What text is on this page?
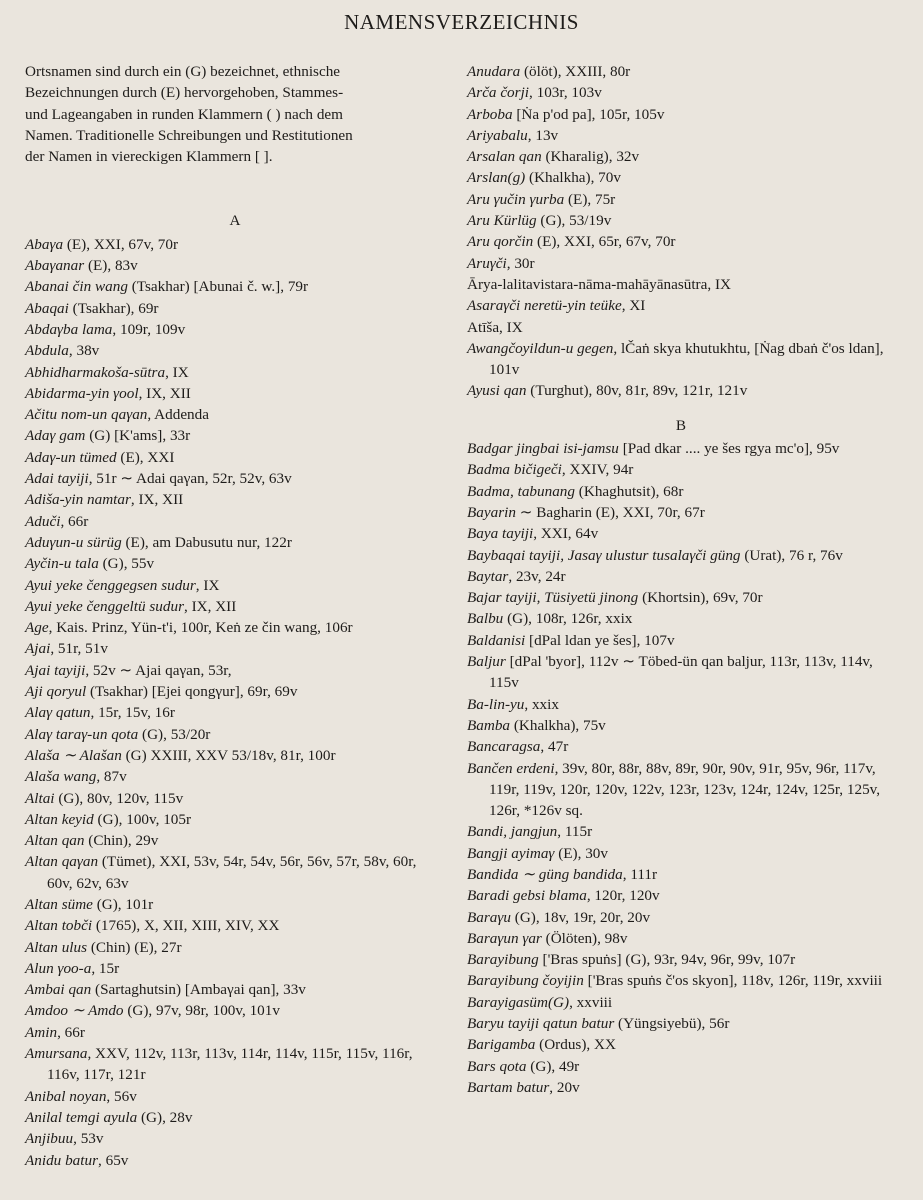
NAMENSVERZEICHNIS
Ortsnamen sind durch ein (G) bezeichnet, ethnische
Bezeichnungen durch (E) hervorgehoben, Stammes-
und Lageangaben in runden Klammern ( ) nach dem
Namen. Traditionelle Schreibungen und Restitutionen
der Namen in viereckigen Klammern [ ].
A
Abaγa (E), XXI, 67v, 70r
Abaγanar (E), 83v
Abanai čin wang (Tsakhar) [Abunai č. w.], 79r
Abaqai (Tsakhar), 69r
Abdaγba lama, 109r, 109v
Abdula, 38v
Abhidharmakoša-sūtra, IX
Abidarma-yin γool, IX, XII
Ačitu nom-un qaγan, Addenda
Adaγ gam (G) [K'ams], 33r
Adaγ-un tümed (E), XXI
Adai tayiji, 51r ∼ Adai qaγan, 52r, 52v, 63v
Adiša-yin namtar, IX, XII
Aduči, 66r
Aduγun-u sürüg (E), am Dabusutu nur, 122r
Ayčin-u tala (G), 55v
Ayui yeke čenggegsen sudur, IX
Ayui yeke čenggeltü sudur, IX, XII
Age, Kais. Prinz, Yün-t'i, 100r, Keṅ ze čin wang, 106r
Ajai, 51r, 51v
Ajai tayiji, 52v ∼ Ajai qaγan, 53r,
Aji qoryul (Tsakhar) [Ejei qongγur], 69r, 69v
Alaγ qatun, 15r, 15v, 16r
Alaγ taraγ-un qota (G), 53/20r
Alaša ∼ Alašan (G) XXIII, XXV 53/18v, 81r, 100r
Alaša wang, 87v
Altai (G), 80v, 120v, 115v
Altan keyid (G), 100v, 105r
Altan qan (Chin), 29v
Altan qaγan (Tümet), XXI, 53v, 54r, 54v, 56r, 56v, 57r, 58v, 60r, 60v, 62v, 63v
Altan süme (G), 101r
Altan tobči (1765), X, XII, XIII, XIV, XX
Altan ulus (Chin) (E), 27r
Alun γoo-a, 15r
Ambai qan (Sartaghutsin) [Ambaγai qan], 33v
Amdoo ∼ Amdo (G), 97v, 98r, 100v, 101v
Amin, 66r
Amursana, XXV, 112v, 113r, 113v, 114r, 114v, 115r, 115v, 116r, 116v, 117r, 121r
Anibal noyan, 56v
Anilal temgi ayula (G), 28v
Anjibuu, 53v
Anidu batur, 65v
Anudara (ölöt), XXIII, 80r
Arča čorji, 103r, 103v
Arboba [Ṅa p'od pa], 105r, 105v
Ariyabalu, 13v
Arsalan qan (Kharalig), 32v
Arslan(g) (Khalkha), 70v
Aru γučin γurba (E), 75r
Aru Kürlüg (G), 53/19v
Aru qorčin (E), XXI, 65r, 67v, 70r
Aruγči, 30r
Ārya-lalitavistara-nāma-mahāyānasūtra, IX
Asaraγči neretü-yin teüke, XI
Atīša, IX
Awangčoyildun-u gegen, lČaṅ skya khutukhtu, [Ṅag dbaṅ č'os ldan], 101v
Ayusi qan (Turghut), 80v, 81r, 89v, 121r, 121v
B
Badgar jingbai isi-jamsu [Pad dkar .... ye šes rgya mc'o], 95v
Badma bičigeči, XXIV, 94r
Badma, tabunang (Khaghutsit), 68r
Bayarin ∼ Bagharin (E), XXI, 70r, 67r
Baya tayiji, XXI, 64v
Baybaqai tayiji, Jasaγ ulustur tusalaγči güng (Urat), 76 r, 76v
Baytar, 23v, 24r
Bajar tayiji, Tüsiyetü jinong (Khortsin), 69v, 70r
Balbu (G), 108r, 126r, xxix
Baldanisi [dPal ldan ye šes], 107v
Baljur [dPal 'byor], 112v ∼ Töbed-ün qan baljur, 113r, 113v, 114v, 115v
Ba-lin-yu, xxix
Bamba (Khalkha), 75v
Bancaragsa, 47r
Bančen erdeni, 39v, 80r, 88r, 88v, 89r, 90r, 90v, 91r, 95v, 96r, 117v, 119r, 119v, 120r, 120v, 122v, 123r, 123v, 124r, 124v, 125r, 125v, 126r, *126v sq.
Bandi, jangjun, 115r
Bangji ayimaγ (E), 30v
Bandida ∼ güng bandida, 111r
Baradi gebsi blama, 120r, 120v
Baraγu (G), 18v, 19r, 20r, 20v
Baraγun γar (Ölöten), 98v
Barayibung ['Bras spuṅs] (G), 93r, 94v, 96r, 99v, 107r
Barayibung čoyijin ['Bras spuṅs č'os skyon], 118v, 126r, 119r, xxviii
Barayigasüm(G), xxviii
Baryu tayiji qatun batur (Yüngsiyebü), 56r
Barigamba (Ordus), XX
Bars qota (G), 49r
Bartam batur, 20v
